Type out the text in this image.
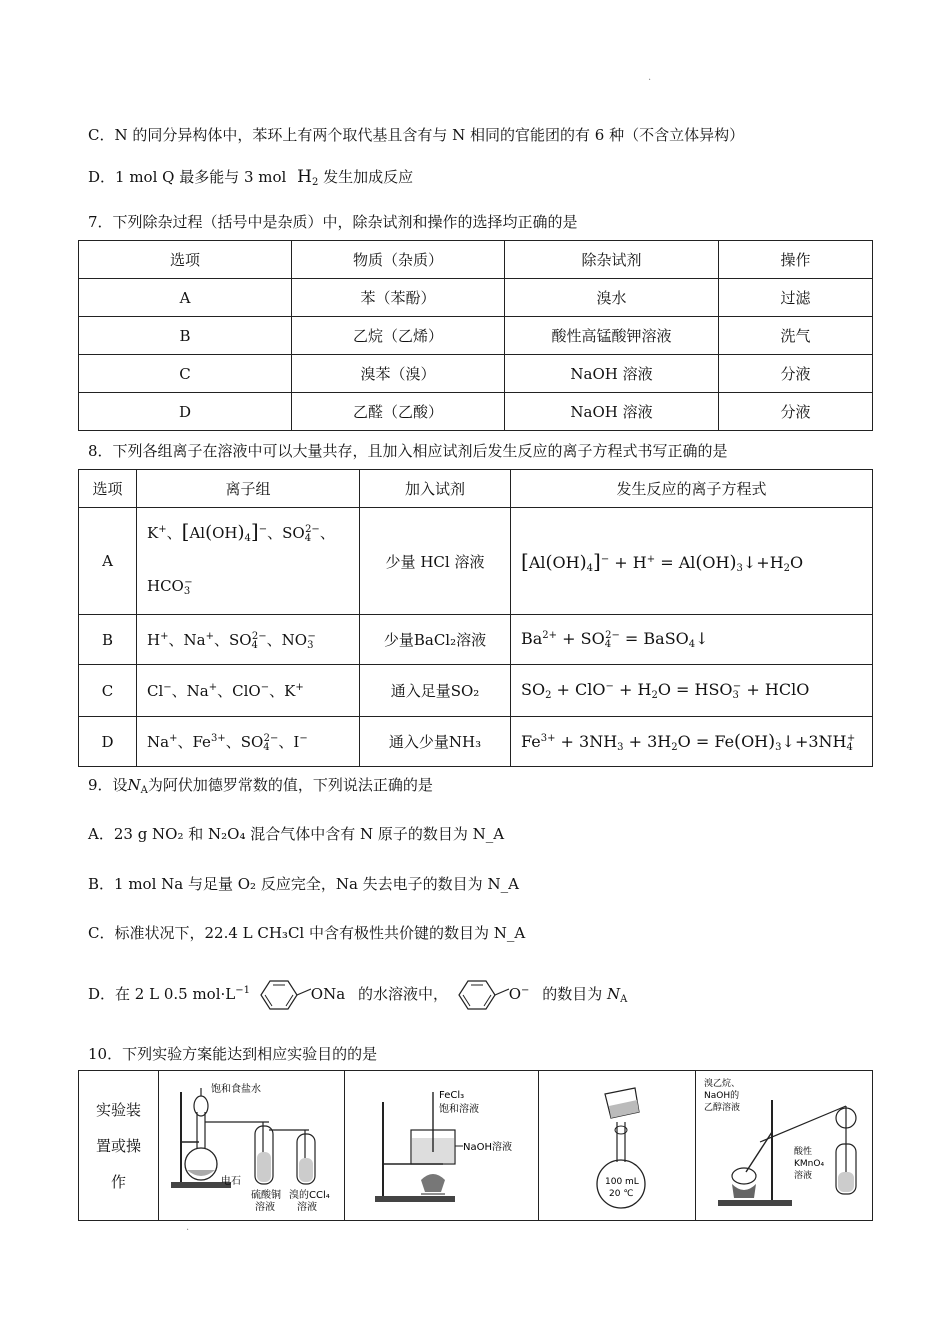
.
C．N 的同分异构体中，苯环上有两个取代基且含有与 N 相同的官能团的有 6 种（不含立体异构）
D．1 mol Q 最多能与 3 mol $H_2$ 发生加成反应
7．下列除杂过程（括号中是杂质）中，除杂试剂和操作的选择均正确的是
选项	物质（杂质）	除杂试剂	操作
A	苯（苯酚）	溴水	过滤
B	乙烷（乙烯）	酸性高锰酸钾溶液	洗气
C	溴苯（溴）	NaOH 溶液	分液
D	乙醛（乙酸）	NaOH 溶液	分液
8．下列各组离子在溶液中可以大量共存，且加入相应试剂后发生反应的离子方程式书写正确的是
选项	离子组	加入试剂	发生反应的离子方程式
A	K+、$[Al(OH)_4]^-$、$SO_4^{2-}$、
$HCO_3^-$	少量 HCl 溶液	$[Al(OH)_4]^- + H^+$ = $Al(OH)_3↓+H_2O$
B	H+、Na+、$SO_4^{2-}$、$NO_3^-$	少量BaCl₂溶液	$Ba^{2+} + SO_4^{2-}$ = BaSO$_4$↓
C	Cl−、Na+、ClO−、K+	通入足量SO₂	$SO_2 + ClO^- + H_2O = HSO_3^-$ + HClO
D	Na+、$Fe^{3+}$、$SO_4^{2-}$、I−	通入少量NH₃	$Fe^{3+} + 3NH_3 + 3H_2O$ = $Fe(OH)_3↓+3NH_4^+$
9．设$N_A$为阿伏加德罗常数的值，下列说法正确的是
A．23 g NO₂ 和 N₂O₄ 混合气体中含有 N 原子的数目为 N_A
B．1 mol Na 与足量 O₂ 反应完全，Na 失去电子的数目为 N_A
C．标准状况下，22.4 L CH₃Cl 中含有极性共价键的数目为 N_A
D．在 2 L 0.5 $mol\cdot L^{-1}$	ONa 的水溶液中，	O− 的数目为 $N_A$
10．下列实验方案能达到相应实验目的的是
实验装
置或操
作

饱和食盐水
电石
硫酸铜
溶液
溴的CCl₄
溶液

FeCl₃
饱和溶液
NaOH溶液

100 mL
20 ℃

溴乙烷、
NaOH的
乙醇溶液
酸性
KMnO₄
溶液
.
